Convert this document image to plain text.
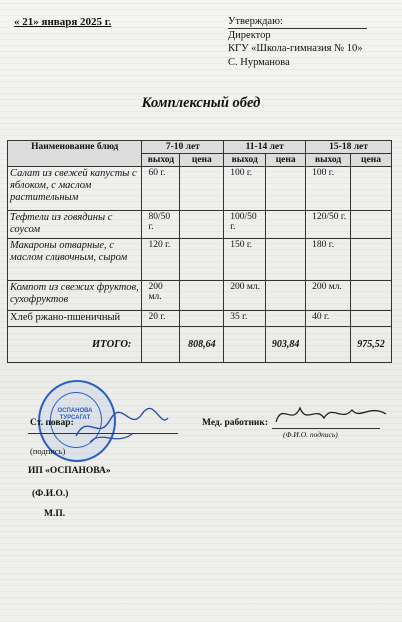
« 21» января 2025 г.	Утверждаю:
Директор
КГУ «Школа-гимназия № 10»
С. Нурманова
Комплексный обед
Наименование блюд	7-10 лет		11-14 лет		15-18 лет	
	выход	цена	выход	цена	выход	цена
Салат из свежей капусты с яблоком, с маслом растительным	60 г.		100 г.		100 г.	
Тефтели из говядины с соусом	80/50 г.		100/50 г.		120/50 г.	
Макароны отварные, с маслом сливочным, сыром	120 г.		150 г.		180 г.	
Компот из свежих фруктов, сухофруктов	200 мл.		200 мл.		200 мл.	
Хлеб ржано-пшеничный	20 г.		35 г.		40 г.	
ИТОГО:		808,64		903,84		975,52
ОСПАНОВА
ТУРСАГАТ
Ст. повар:
(подпись)
ИП «ОСПАНОВА»
(Ф.И.О.)
М.П.
Мед. работник:
(Ф.И.О. подпись)
